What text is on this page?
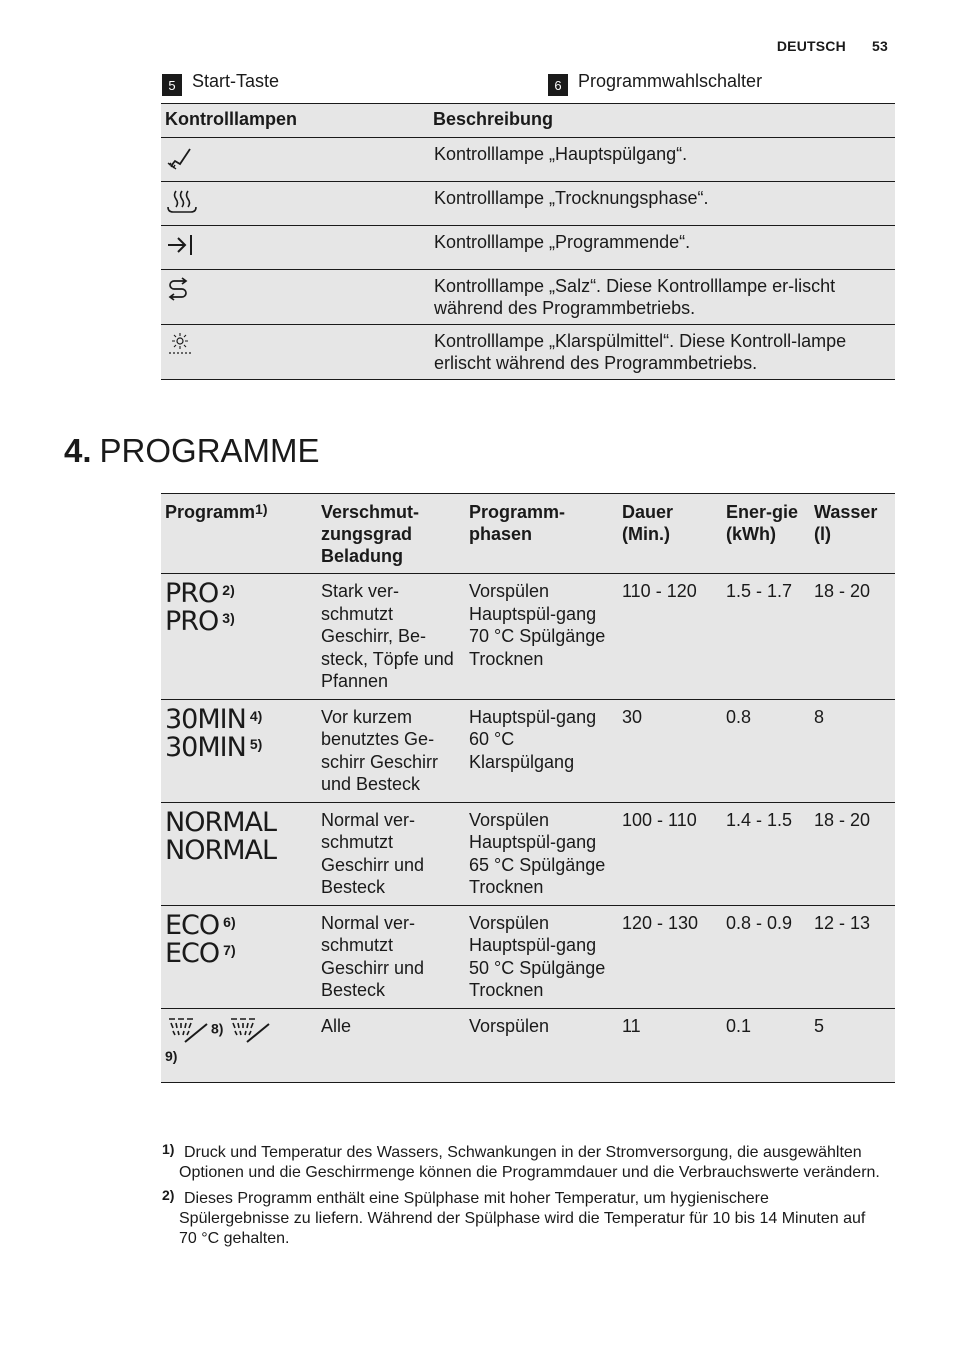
DEUTSCH 53
5 Start-Taste	6 Programmwahlschalter
Kontrolllampen	Beschreibung
	Kontrolllampe „Hauptspülgang“.
	Kontrolllampe „Trocknungsphase“.
	Kontrolllampe „Programmende“.
	Kontrolllampe „Salz“. Diese Kontrolllampe er-lischt während des Programmbetriebs.
	Kontrolllampe „Klarspülmittel“. Diese Kontroll-lampe erlischt während des Programmbetriebs.
4. PROGRAMME
Programm$^{1)}$	Verschmut-zungsgrad Beladung	Programm-phasen	Dauer (Min.)	Ener-gie (kWh)	Wasser (l)

PRO $^{2)}$
PRO $^{3)}$	Stark ver-schmutzt Geschirr, Be-steck, Töpfe und Pfannen	Vorspülen Hauptspül-gang 70 °C Spülgänge Trocknen	110 - 120	1.5 - 1.7	18 - 20

30MIN $^{4)}$
30MIN $^{5)}$	Vor kurzem benutztes Ge-schirr Geschirr und Besteck	Hauptspül-gang 60 °C Klarspülgang	30	0.8	8

NORMAL
NORMAL	Normal ver-schmutzt Geschirr und Besteck	Vorspülen Hauptspül-gang 65 °C Spülgänge Trocknen	100 - 110	1.4 - 1.5	18 - 20

ECO $^{6)}$
ECO $^{7)}$	Normal ver-schmutzt Geschirr und Besteck	Vorspülen Hauptspül-gang 50 °C Spülgänge Trocknen	120 - 130	0.8 - 0.9	12 - 13

8)
9)	Alle	Vorspülen	11	0.1	5
1) Druck und Temperatur des Wassers, Schwankungen in der Stromversorgung, die ausgewählten Optionen und die Geschirrmenge können die Programmdauer und die Verbrauchswerte verändern.
2) Dieses Programm enthält eine Spülphase mit hoher Temperatur, um hygienischere Spülergebnisse zu liefern. Während der Spülphase wird die Temperatur für 10 bis 14 Minuten auf 70 °C gehalten.
